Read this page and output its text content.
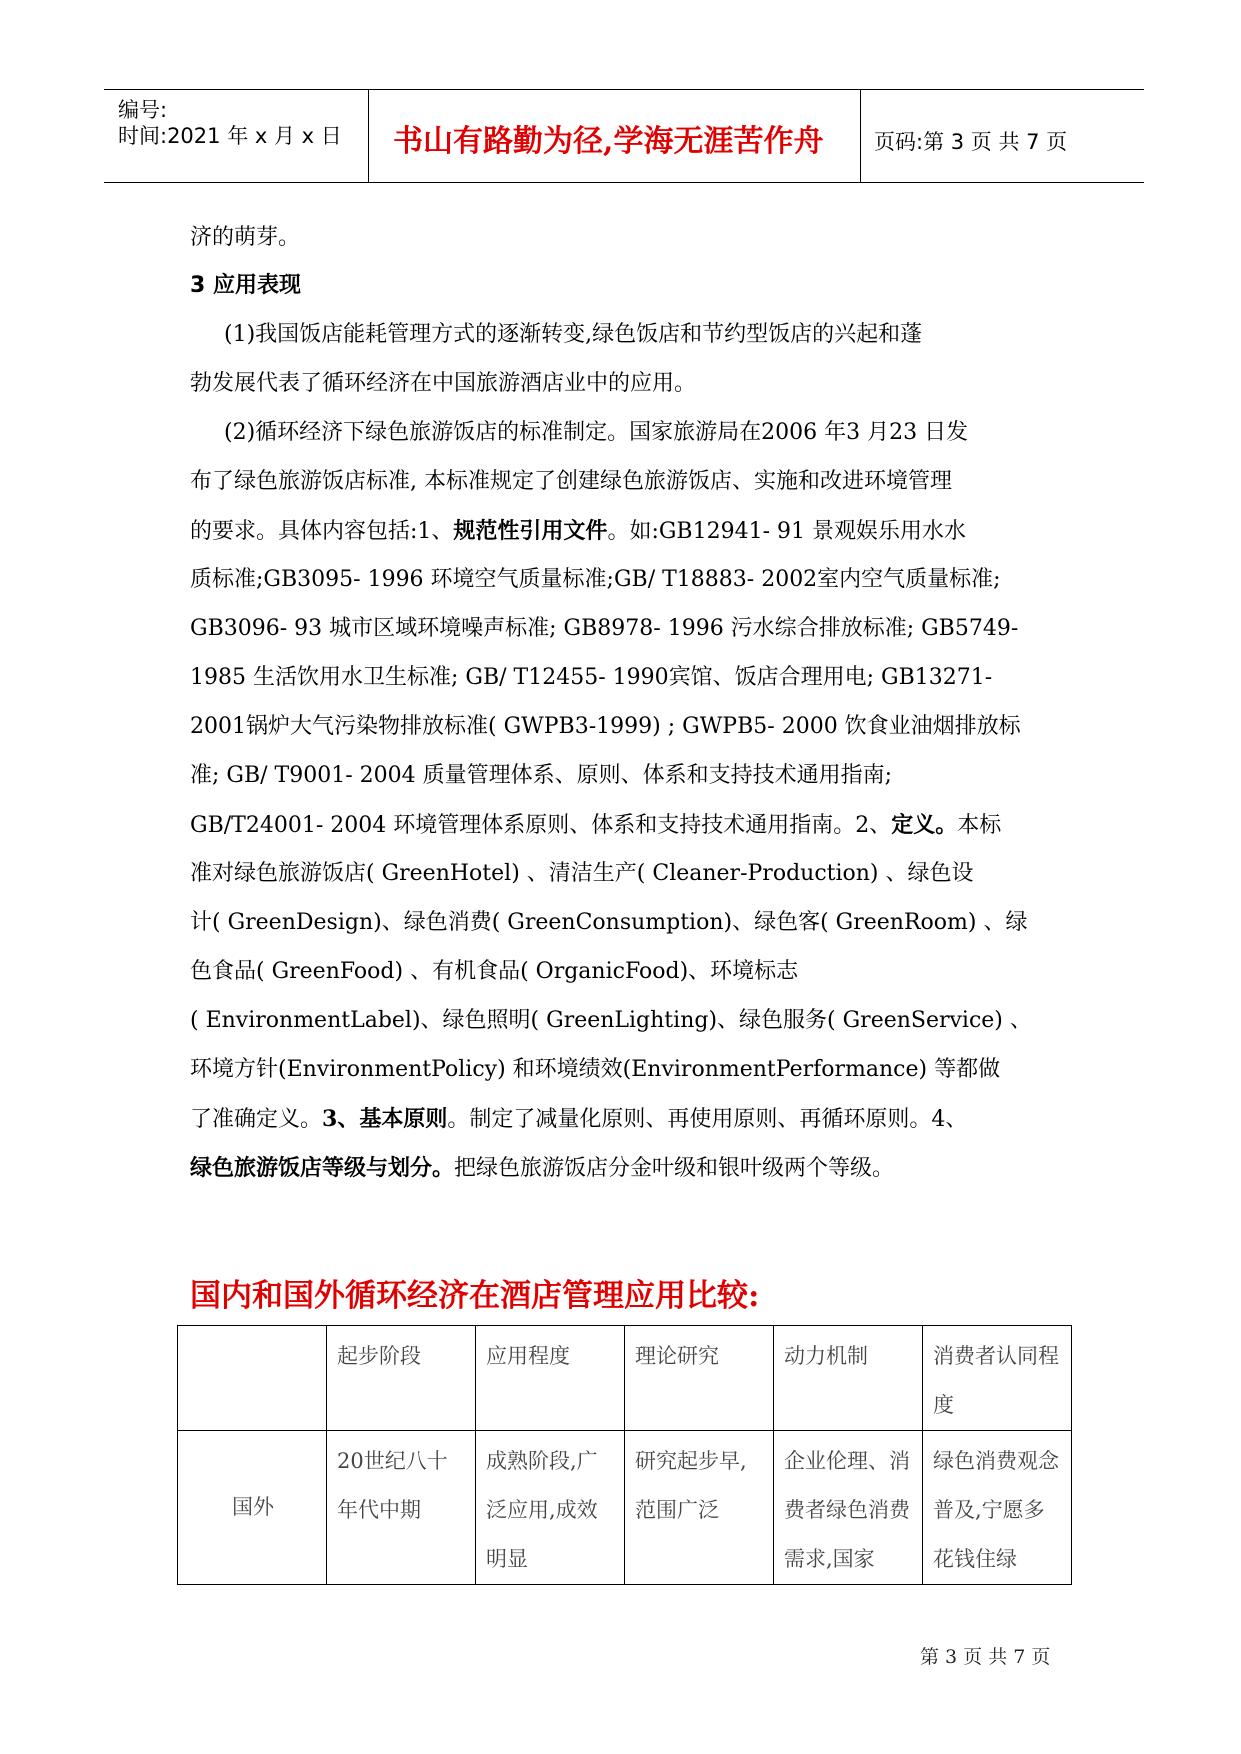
编号:
时间:2021 年 x 月 x 日 书山有路勤为径,学海无涯苦作舟 页码:第 3 页 共 7 页
济的萌芽。
3 应用表现
(1)我国饭店能耗管理方式的逐渐转变,绿色饭店和节约型饭店的兴起和蓬
勃发展代表了循环经济在中国旅游酒店业中的应用。
(2)循环经济下绿色旅游饭店的标准制定。国家旅游局在2006 年3 月23 日发
布了绿色旅游饭店标准, 本标准规定了创建绿色旅游饭店、实施和改进环境管理
的要求。具体内容包括:1、规范性引用文件。如:GB12941- 91 景观娱乐用水水
质标准;GB3095- 1996 环境空气质量标准;GB/ T18883- 2002室内空气质量标准;
GB3096- 93 城市区域环境噪声标准; GB8978- 1996 污水综合排放标准; GB5749-
1985 生活饮用水卫生标准; GB/ T12455- 1990宾馆、饭店合理用电; GB13271-
2001锅炉大气污染物排放标准( GWPB3-1999) ; GWPB5- 2000 饮食业油烟排放标
准; GB/ T9001- 2004 质量管理体系、原则、体系和支持技术通用指南;
GB/T24001- 2004 环境管理体系原则、体系和支持技术通用指南。2、定义。本标
准对绿色旅游饭店( GreenHotel) 、清洁生产( Cleaner-Production) 、绿色设
计( GreenDesign)、绿色消费( GreenConsumption)、绿色客( GreenRoom) 、绿
色食品( GreenFood) 、有机食品( OrganicFood)、环境标志
( EnvironmentLabel)、绿色照明( GreenLighting)、绿色服务( GreenService) 、
环境方针(EnvironmentPolicy) 和环境绩效(EnvironmentPerformance) 等都做
了准确定义。3、基本原则。制定了减量化原则、再使用原则、再循环原则。4、
绿色旅游饭店等级与划分。把绿色旅游饭店分金叶级和银叶级两个等级。
国内和国外循环经济在酒店管理应用比较:
	起步阶段	应用程度	理论研究	动力机制	消费者认同程度
国外	20世纪八十年代中期	成熟阶段,广泛应用,成效明显	研究起步早,范围广泛	企业伦理、消费者绿色消费需求,国家	绿色消费观念普及,宁愿多花钱住绿
第 3 页 共 7 页
